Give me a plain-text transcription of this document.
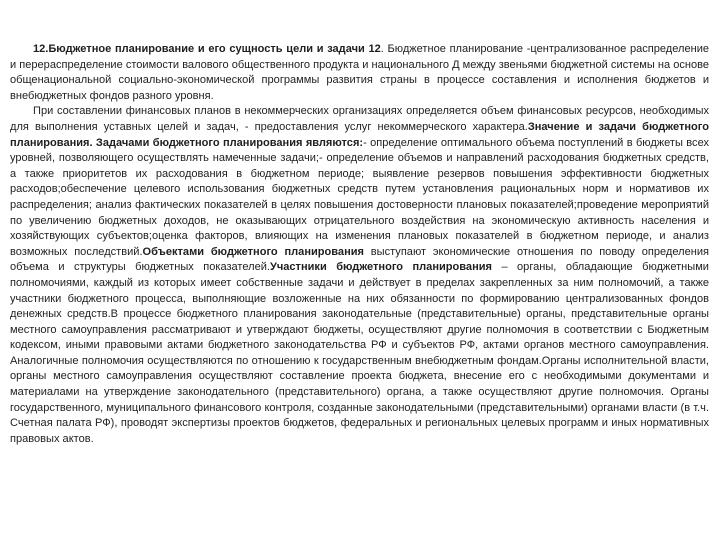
12.Бюджетное планирование и его сущность цели и задачи 12. Бюджетное планирование -централизованное распределение и перераспределение стоимости валового общественного продукта и национального Д между звеньями бюджетной системы на основе общенациональной социально-экономической программы развития страны в процессе составления и исполнения бюджетов и внебюджетных фондов разного уровня.

При составлении финансовых планов в некоммерческих организациях определяется объем финансовых ресурсов, необходимых для выполнения уставных целей и задач, - предоставления услуг некоммерческого характера.Значение и задачи бюджетного планирования. Задачами бюджетного планирования являются:- определение оптимального объема поступлений в бюджеты всех уровней, позволяющего осуществлять намеченные задачи;- определение объемов и направлений расходования бюджетных средств, а также приоритетов их расходования в бюджетном периоде; выявление резервов повышения эффективности бюджетных расходов;обеспечение целевого использования бюджетных средств путем установления рациональных норм и нормативов их распределения; анализ фактических показателей в целях повышения достоверности плановых показателей;проведение мероприятий по увеличению бюджетных доходов, не оказывающих отрицательного воздействия на экономическую активность населения и хозяйствующих субъектов;оценка факторов, влияющих на изменения плановых показателей в бюджетном периоде, и анализ возможных последствий.Объектами бюджетного планирования выступают экономические отношения по поводу определения объема и структуры бюджетных показателей.Участники бюджетного планирования – органы, обладающие бюджетными полномочиями, каждый из которых имеет собственные задачи и действует в пределах закрепленных за ним полномочий, а также участники бюджетного процесса, выполняющие возложенные на них обязанности по формированию централизованных фондов денежных средств.В процессе бюджетного планирования законодательные (представительные) органы, представительные органы местного самоуправления рассматривают и утверждают бюджеты, осуществляют другие полномочия в соответствии с Бюджетным кодексом, иными правовыми актами бюджетного законодательства РФ и субъектов РФ, актами органов местного самоуправления. Аналогичные полномочия осуществляются по отношению к государственным внебюджетным фондам.Органы исполнительной власти, органы местного самоуправления осуществляют составление проекта бюджета, внесение его с необходимыми документами и материалами на утверждение законодательного (представительного) органа, а также осуществляют другие полномочия. Органы государственного, муниципального финансового контроля, созданные законодательными (представительными) органами власти (в т.ч. Счетная палата РФ), проводят экспертизы проектов бюджетов, федеральных и региональных целевых программ и иных нормативных правовых актов.
